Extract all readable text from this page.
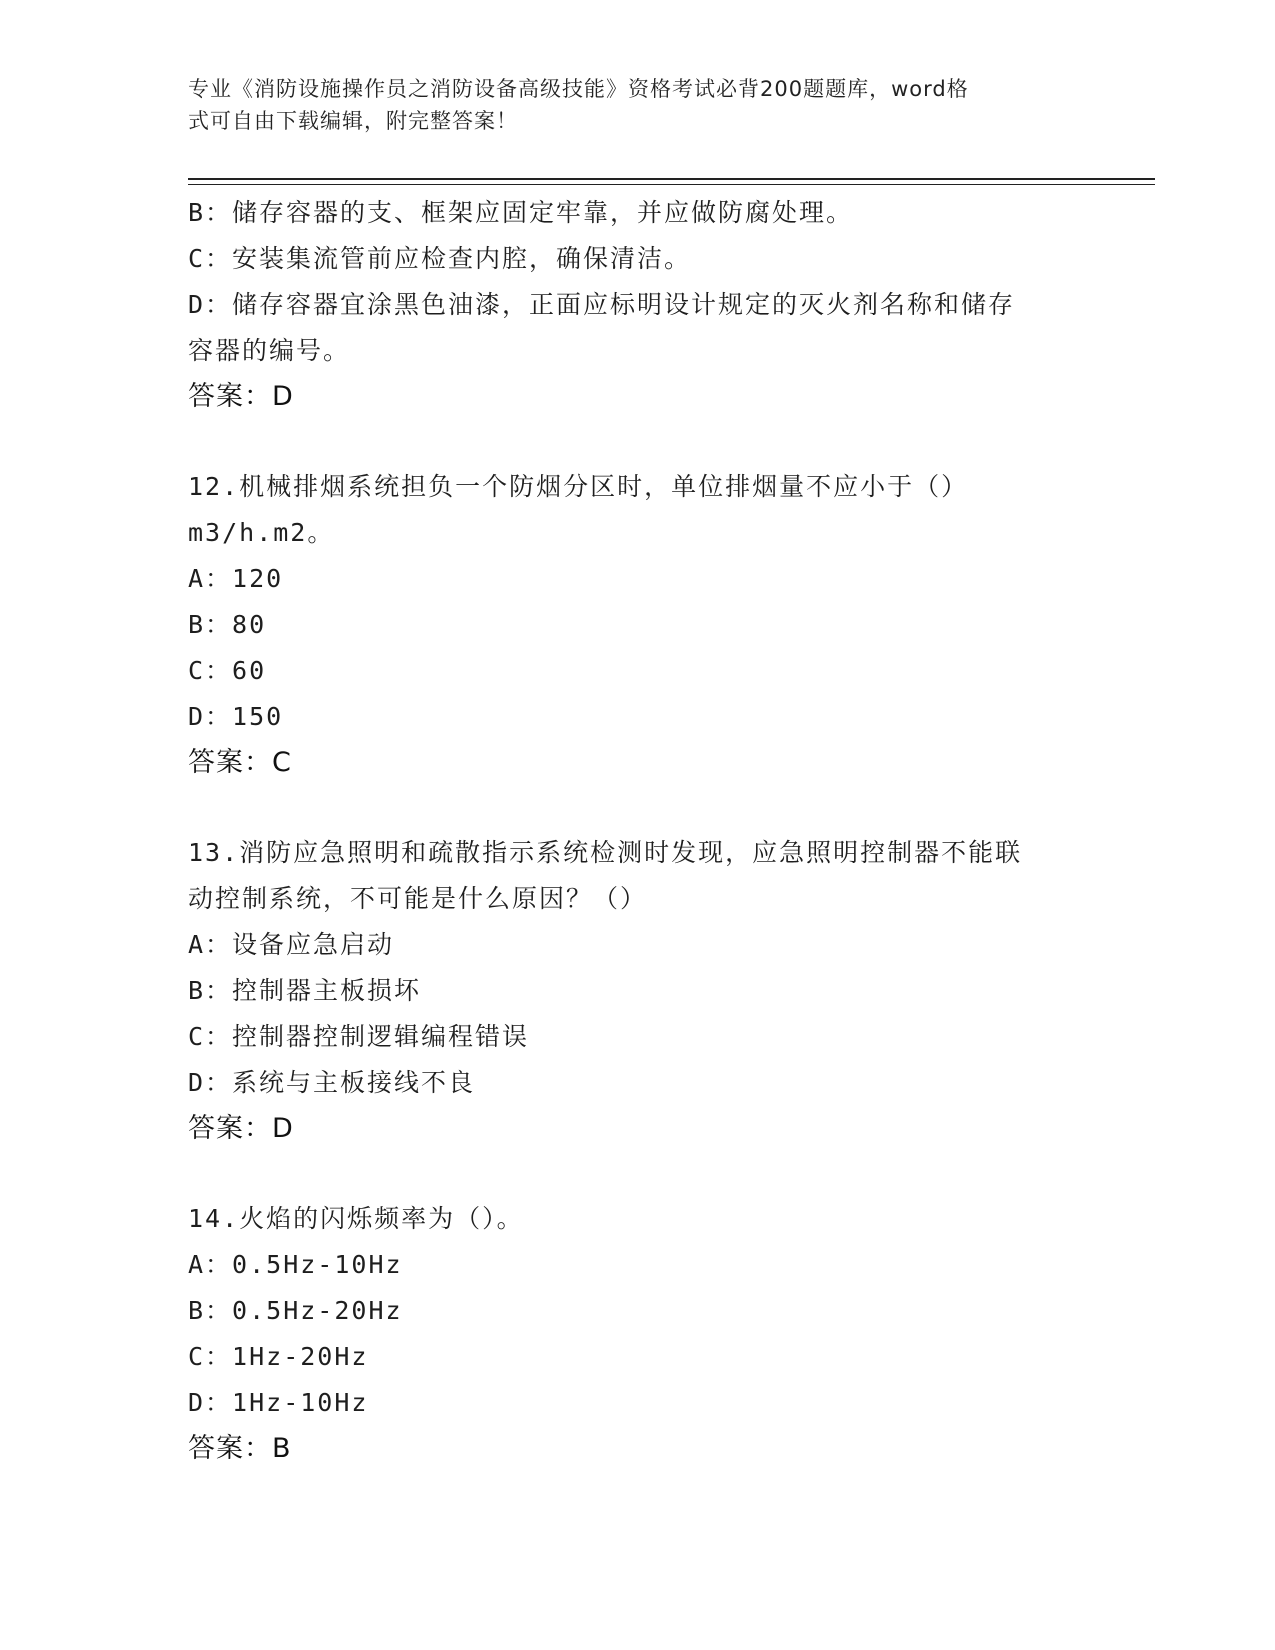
专业《消防设施操作员之消防设备高级技能》资格考试必背200题题库，word格
式可自由下载编辑，附完整答案！
B：储存容器的支、框架应固定牢靠，并应做防腐处理。
C：安装集流管前应检查内腔，确保清洁。
D：储存容器宜涂黑色油漆，正面应标明设计规定的灭火剂名称和储存
容器的编号。
答案：D
12.机械排烟系统担负一个防烟分区时，单位排烟量不应小于（）
m3/h.m2。
A：120
B：80
C：60
D：150
答案：C
13.消防应急照明和疏散指示系统检测时发现，应急照明控制器不能联
动控制系统，不可能是什么原因？（）
A：设备应急启动
B：控制器主板损坏
C：控制器控制逻辑编程错误
D：系统与主板接线不良
答案：D
14.火焰的闪烁频率为（）。
A：0.5Hz-10Hz
B：0.5Hz-20Hz
C：1Hz-20Hz
D：1Hz-10Hz
答案：B
